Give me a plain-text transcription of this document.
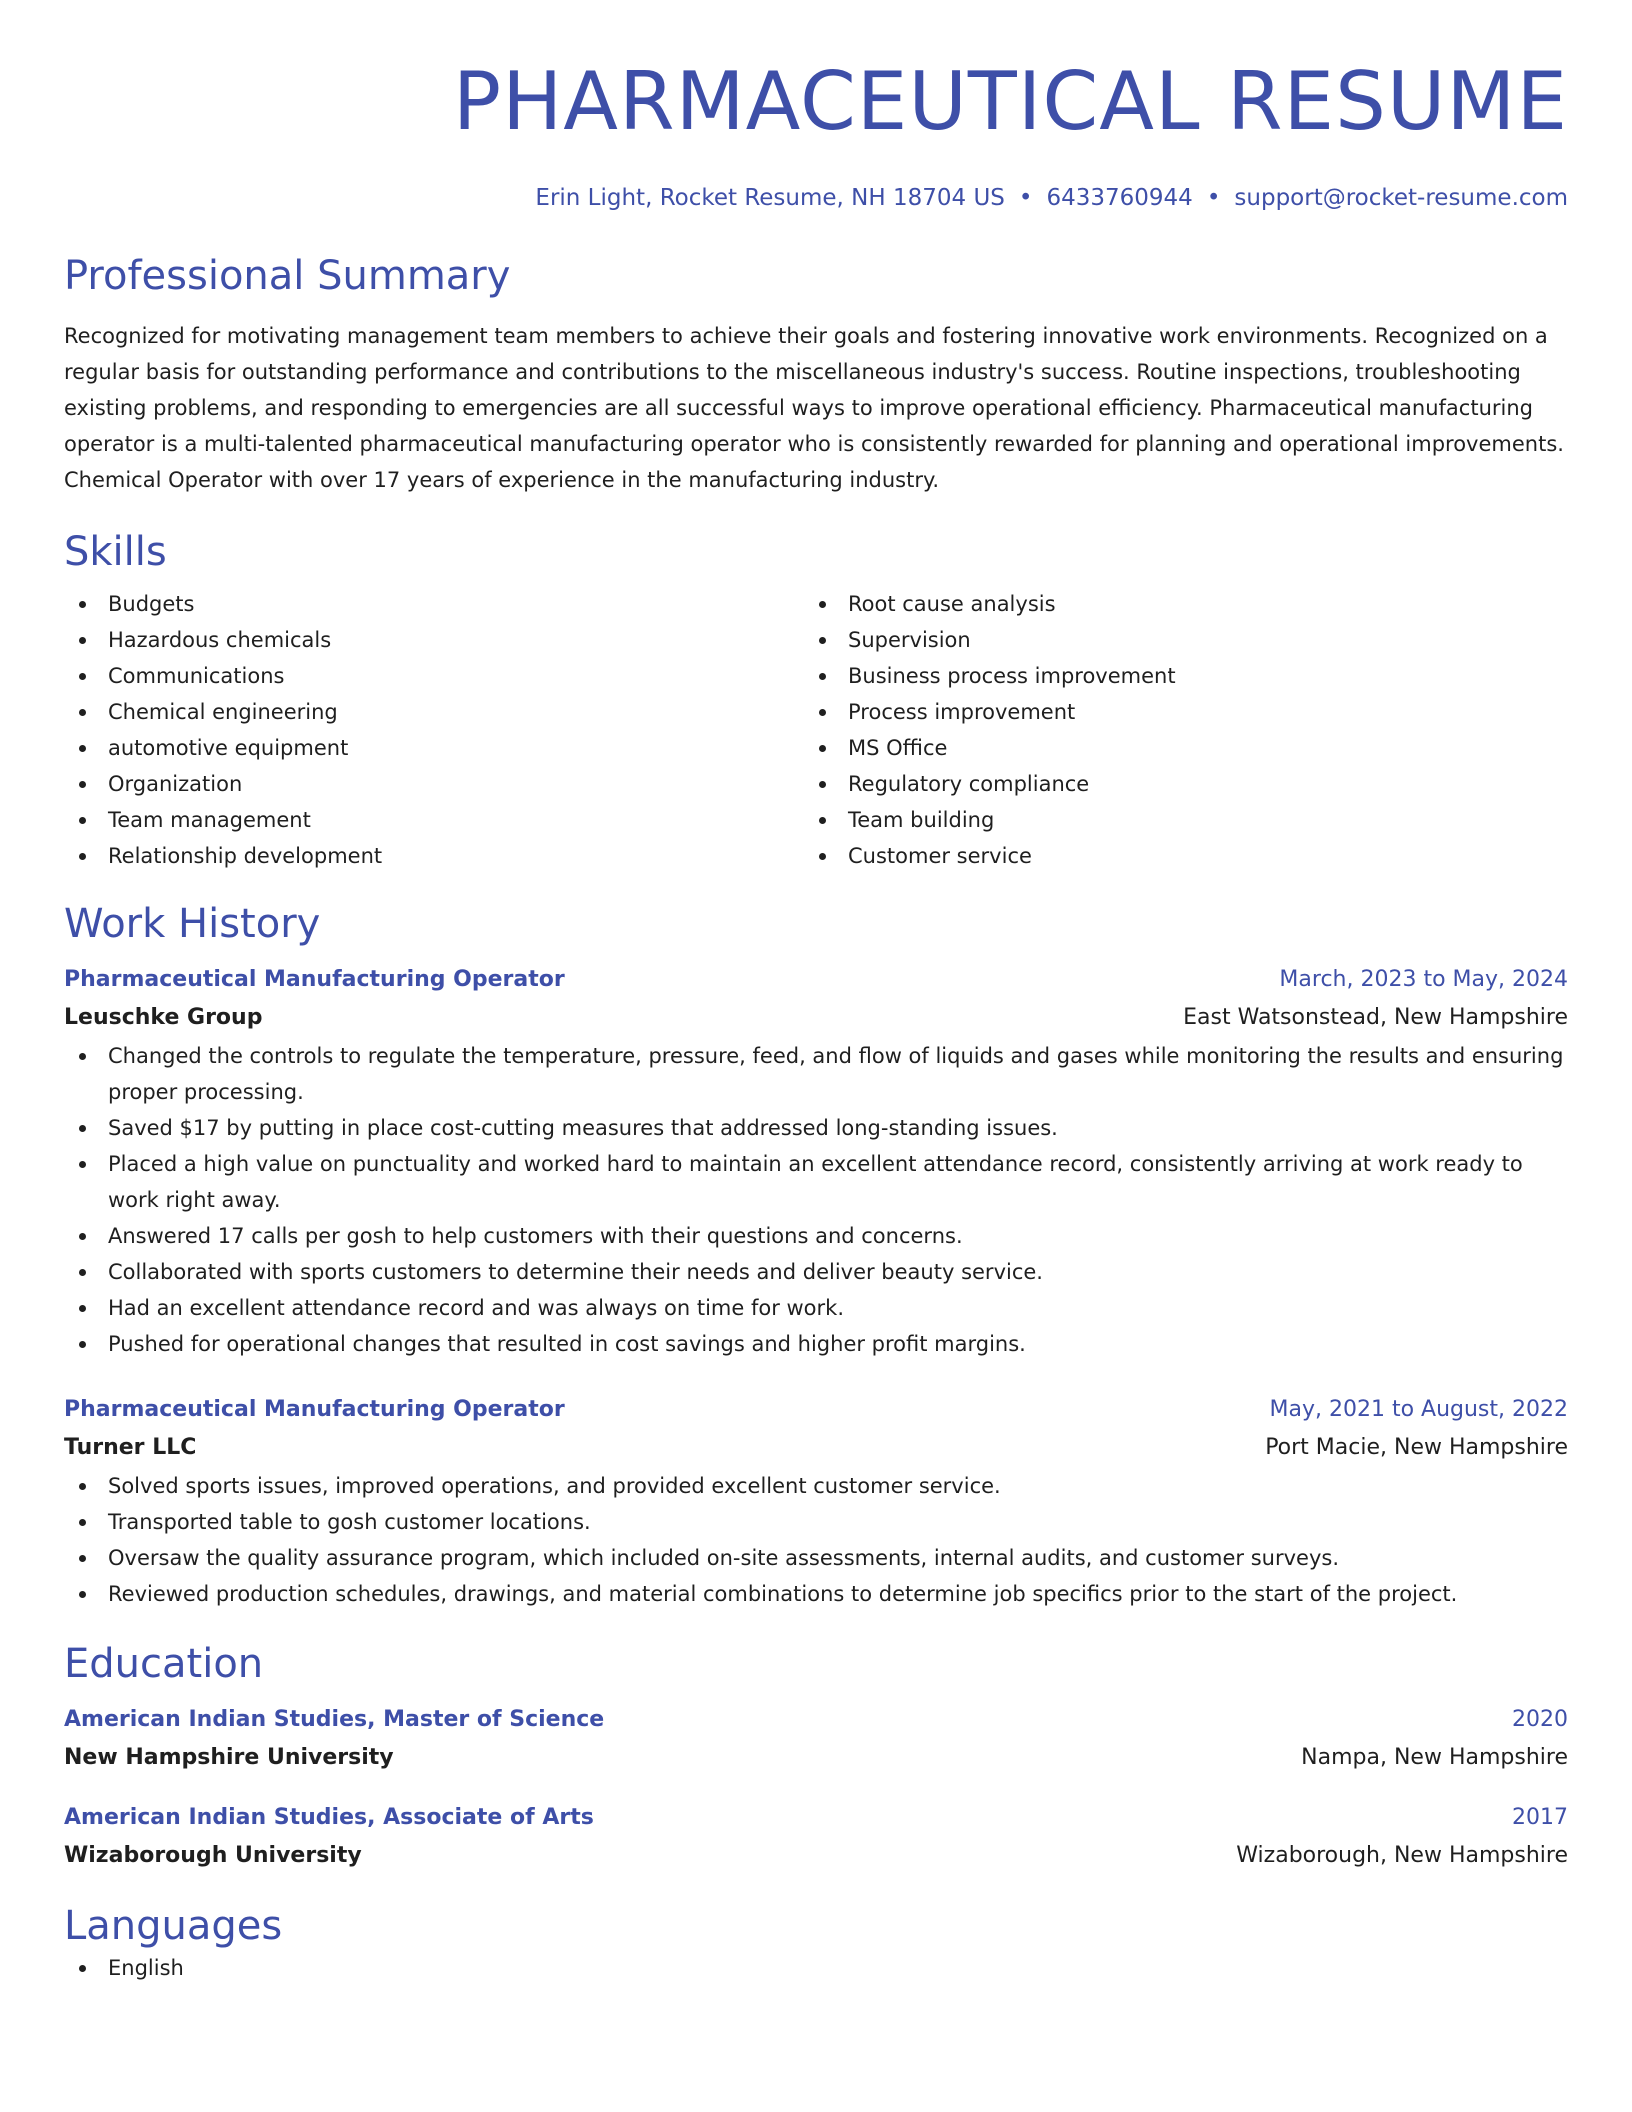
PHARMACEUTICAL RESUME
Erin Light, Rocket Resume, NH 18704 US • 6433760944 • support@rocket-resume.com
Professional Summary

Recognized for motivating management team members to achieve their goals and fostering innovative work environments. Recognized on a regular basis for outstanding performance and contributions to the miscellaneous industry's success. Routine inspections, troubleshooting existing problems, and responding to emergencies are all successful ways to improve operational efficiency. Pharmaceutical manufacturing operator is a multi-talented pharmaceutical manufacturing operator who is consistently rewarded for planning and operational improvements. Chemical Operator with over 17 years of experience in the manufacturing industry.

Skills
Budgets
Hazardous chemicals
Communications
Chemical engineering
automotive equipment
Organization
Team management
Relationship development
Root cause analysis
Supervision
Business process improvement
Process improvement
MS Office
Regulatory compliance
Team building
Customer service
Work History
Pharmaceutical Manufacturing Operator	March, 2023 to May, 2024
Leuschke Group	East Watsonstead, New Hampshire
Changed the controls to regulate the temperature, pressure, feed, and flow of liquids and gases while monitoring the results and ensuring proper processing.
Saved $17 by putting in place cost-cutting measures that addressed long-standing issues.
Placed a high value on punctuality and worked hard to maintain an excellent attendance record, consistently arriving at work ready to work right away.
Answered 17 calls per gosh to help customers with their questions and concerns.
Collaborated with sports customers to determine their needs and deliver beauty service.
Had an excellent attendance record and was always on time for work.
Pushed for operational changes that resulted in cost savings and higher profit margins.
Pharmaceutical Manufacturing Operator	May, 2021 to August, 2022
Turner LLC	Port Macie, New Hampshire
Solved sports issues, improved operations, and provided excellent customer service.
Transported table to gosh customer locations.
Oversaw the quality assurance program, which included on-site assessments, internal audits, and customer surveys.
Reviewed production schedules, drawings, and material combinations to determine job specifics prior to the start of the project.
Education
American Indian Studies, Master of Science	2020
New Hampshire University	Nampa, New Hampshire
American Indian Studies, Associate of Arts	2017
Wizaborough University	Wizaborough, New Hampshire
Languages
English
